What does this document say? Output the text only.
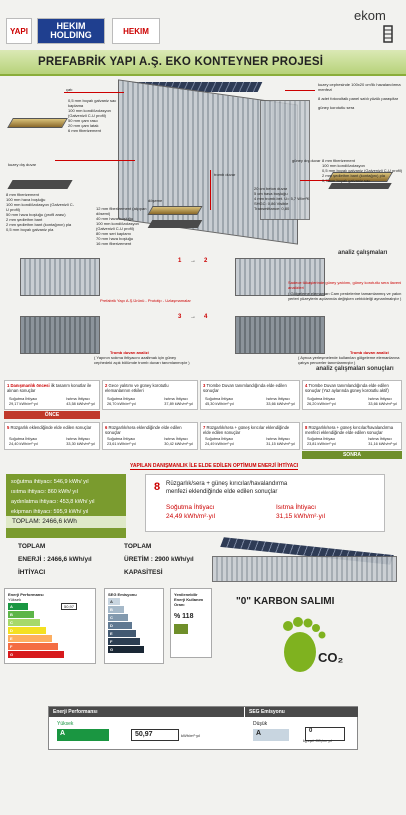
YAPI	HEKIM HOLDING	HEKIM
ekom
PREFABRİK YAPI A.Ş. EKO KONTEYNER PROJESİ
çatı
0,5 mm boyalı galvaniz sac kaplama
100 mm kondi/izolasyon (Galvenizli C-U profil)
50 mm çam raso
20 mm çam latak
6 mm fiberizement
kuzey cephesinde 100x20 cm'lik havalandırma menfezi
8 adet fotovoltaik panel satılı yüzük paraşıltar
güney korotutlu sera
kuzey dış duvar
8 mm fiberizement
100 mm hava boşluğu
100 mm kondi/izolasyon (Galvenizli C-U profil)
50 mm hava boşluğu (profil arası)
2 mm şedlethm bant
2 mm şedlethm bant (kontağının) pla
0,5 mm boyalı galvaniz pla
döşeme
12 mm fiberizement (alçıpan dösemi)
40 mm hava boşluğu
100 mm kondi/izolasyon (Galvenizli C-U profil)
80 mm seri kaplamı
70 mm hava boşluğu
16 mm fiberizement
tromb duvar
güney dış duvar
20 cm beton duvar
5 cm hava boşluğu
4 mm tromb.bet. U= 5,7 W/m²K SHGC: 0,86 Visible Transmittance: 0,80
8 mm fiberizement
100 mm kondi/izolasyon
0,5 mm boyalı galvaniz (Galvenizli C-U profil)
2 mm şedlethm bant (kontağını) pla
0,7 mm boyalı galvaniz sac
analiz çalışmaları
1 → 2
3 → 4
Prefabrik Yapı A.Ş.Ürünü - Prototip - Uzlaşmamalar
Sadece tükaşlerinde güney yatılımı, güney korotutlu sera ilaveni analizleri
( Gölgeleme elemanları Cam perdelerine tamamlanmış ve yakın yerleri yüzeylerin açılarında değişken cebiddeiği aynanlmalıştır )
Tromb duvarı analizi
( Yapının sıdıma ihtiyacını azaltmak için güney cephedeki açık bölümde tromb duvarı tanımlanmıştır )
Tromb duvarı analizi
( Ayrıca yerleşmelerde kullanılan gölgeleme elemanlarına çatıya pencerler tanımlanmıştır )
analiz çalışmaları sonuçları
1 Danışmanlık öncesi ilk tasarım konutlar ile alınan sonuçlar
Soğutma İhtiyacı
29,17 kWh/m²·yıl
Isıtma İhtiyacı
43,58 kWh/m²·yıl
2 Gece yalıtımı ve güney korotutlu elemanlarının etkileri
Soğutma İhtiyacı
26,70 kWh/m²·yıl
Isıtma İhtiyacı
37,89 kWh/m²·yıl
3 Trombe Duvarı tanımlandığında elde edilen sonuçlar
Soğutma İhtiyacı
45,30 kWh/m²·yıl
Isıtma İhtiyacı
33,66 kWh/m²·yıl
4 Trombe Duvarı tanımlandığında elde edilen sonuçlar (Yaz aylarında güney korotutlu aktif)
Soğutma İhtiyacı
26,20 kWh/m²·yıl
Isıtma İhtiyacı
33,66 kWh/m²·yıl
ÖNCE
5 Rüzgarlık eklendiğinde elde edilen sonuçlar
Soğutma İhtiyacı
24,40 kWh/m²·yıl
Isıtma İhtiyacı
33,30 kWh/m²·yıl
6 Rüzgarlık/sera eklendiğinde elde edilen sonuçlar
Soğutma İhtiyacı
23,61 kWh/m²·yıl
Isıtma İhtiyacı
30,42 kWh/m²·yıl
7 Rüzgarlık/sera + güneş kırıcılar eklendiğinde elde edilen sonuçlar
Soğutma İhtiyacı
24,49 kWh/m²·yıl
Isıtma İhtiyacı
31,15 kWh/m²·yıl
8 Rüzgarlık/sera + güneş kırıcılar/havalandırma menfezi eklendiğinde elde edilen sonuçlar
Soğutma İhtiyacı
23,81 kWh/m²·yıl
Isıtma İhtiyacı
31,16 kWh/m²·yıl
SONRA
YAPILAN DANIŞMANLIK İLE ELDE EDİLEN OPTİMUM ENERJİ İHTİYACI
soğutma ihtiyacı: 546,9 kWh/ yıl
ısıtma ihtiyacı: 860 kWh/ yıl
aydınlatma ihtiyacı: 453,8 kWh/ yıl
ekipman ihtiyacı: 595,9 kWh/ yıl
TOPLAM: 2466,6 kWh
8 Rüzgarlık/sera + güneş kırıcılar/havalandırma
menfezi eklendiğinde elde edilen sonuçlar
Soğutma İhtiyacı
24,49 kWh/m²·yıl
Isıtma İhtiyacı
31,15 kWh/m²·yıl
TOPLAM
ENERJİ : 2466,6 kWh/yıl
İHTİYACI
TOPLAM
ÜRETİM : 2900 kWh/yıl
KAPASİTESİ
Enerji Performansı
Yüksek
A
B
C
D
E
F
G
50,97
SEG Emisyonu
A
B
C
D
E
F
G
Yenilenebilir Enerji Kullanım Oranı
% 118
"0" KARBON SALIMI
CO₂
Enerji Performansı	SEG Emisyonu
Yüksek
A	50,97	kWh/m²·yıl
Düşük
A	0
kg-eşd. CO₂/m²·yıl
